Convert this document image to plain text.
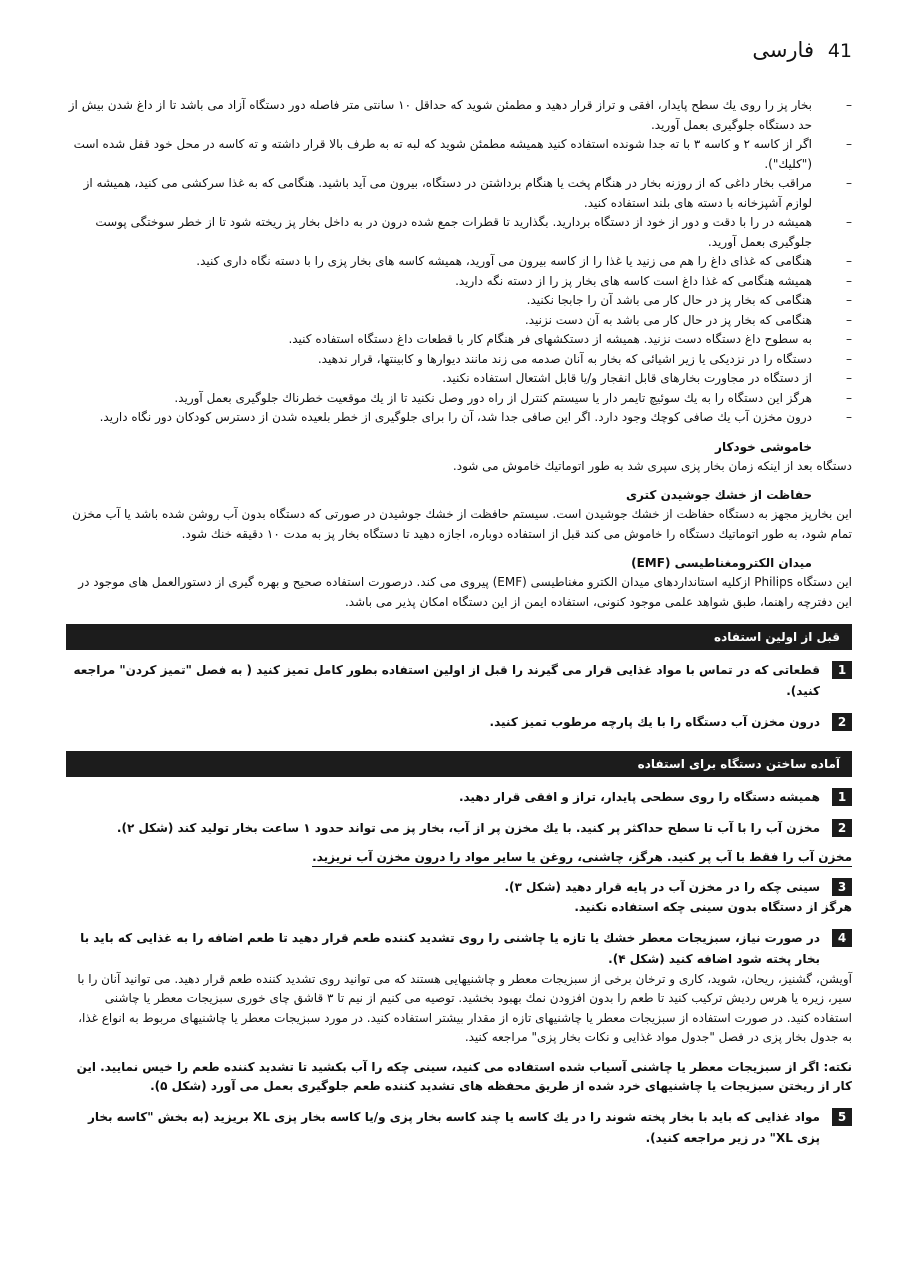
41
فارسی
–
بخار پز را روی یك سطح پایدار، افقی و تراز قرار دهید و مطمئن شوید که حداقل ۱۰ سانتی متر فاصله دور دستگاه آزاد می باشد تا از داغ شدن بیش از حد دستگاه جلوگیری بعمل آورید.
–
اگر از کاسه ۲ و کاسه ۳ با ته جدا شونده استفاده کنید همیشه مطمئن شوید که لبه ته به طرف بالا قرار داشته و ته کاسه در محل خود قفل شده است ("کلیك").
–
مراقب بخار داغی که از روزنه بخار در هنگام پخت یا هنگام برداشتن در دستگاه، بیرون می آید باشید. هنگامی که به غذا سرکشی می کنید، همیشه از لوازم آشپزخانه با دسته های بلند استفاده کنید.
–
همیشه در را با دقت و دور از خود از دستگاه بردارید. بگذارید تا قطرات جمع شده درون در به داخل بخار پز ریخته شود تا از خطر سوختگی پوست جلوگیری بعمل آورید.
–
هنگامی که غذای داغ را هم می زنید یا غذا را از کاسه بیرون می آورید، همیشه کاسه های بخار پزی را با دسته نگاه داری کنید.
–
همیشه هنگامی که غذا داغ است کاسه های بخار پز را از دسته نگه دارید.
–
هنگامی که بخار پز در حال کار می باشد آن را جابجا نکنید.
–
هنگامی که بخار پز در حال کار می باشد به آن دست نزنید.
–
به سطوح داغ دستگاه دست نزنید. همیشه از دستکشهای فر هنگام کار با قطعات داغ دستگاه استفاده کنید.
–
دستگاه را در نزدیکی یا زیر اشیائی که بخار به آنان صدمه می زند مانند دیوارها و کابینتها، قرار ندهید.
–
از دستگاه در مجاورت بخارهای قابل انفجار و/یا قابل اشتعال استفاده نکنید.
–
هرگز این دستگاه را به یك سوئیچ تایمر دار یا سیستم کنترل از راه دور وصل نکنید تا از یك موقعیت خطرناك جلوگیری بعمل آورید.
–
درون مخزن آب یك صافی کوچك وجود دارد. اگر این صافی جدا شد، آن را برای جلوگیری از خطر بلعیده شدن از دسترس کودکان دور نگاه دارید.
خاموشی خودکار
دستگاه بعد از اینکه زمان بخار پزی سپری شد به طور اتوماتیك خاموش می شود.
حفاظت از خشك جوشیدن کتری
این بخارپز مجهز به دستگاه حفاظت از خشك جوشیدن است. سیستم حافظت از خشك جوشیدن در صورتی که دستگاه بدون آب روشن شده باشد یا آب مخزن تمام شود، به طور اتوماتیك دستگاه را خاموش می کند قبل از استفاده دوباره، اجازه دهید تا دستگاه بخار پز به مدت ۱۰ دقیقه خنك شود.
میدان الکترومغناطیسی (EMF)
این دستگاه Philips ازکلیه استانداردهای میدان الکترو مغناطیسی (EMF) پیروی می کند. درصورت استفاده صحیح و بهره گیری از دستورالعمل های موجود در این دفترچه راهنما، طبق شواهد علمی موجود کنونی، استفاده ایمن از این دستگاه امکان پذیر می باشد.
قبل از اولین استفاده
1
قطعاتی که در تماس با مواد غذایی قرار می گیرند را قبل از اولین استفاده بطور کامل تمیز کنید ( به فصل "تمیز کردن" مراجعه کنید).
2
درون مخزن آب دستگاه را با یك پارچه مرطوب تمیز کنید.
آماده ساختن دستگاه برای استفاده
1
همیشه دستگاه را روی سطحی پایدار، تراز و افقی قرار دهید.
2
مخزن آب را با آب تا سطح حداکثر پر کنید. با یك مخزن پر از آب، بخار پز می تواند حدود ۱ ساعت بخار تولید کند (شکل ۲).
مخزن آب را فقط با آب پر کنید. هرگز، چاشنی، روغن یا سایر مواد را درون مخزن آب نریزید.
3
سینی چکه را در مخزن آب در پایه قرار دهید (شکل ۳).
هرگز از دستگاه بدون سینی چکه استفاده نکنید.
4
در صورت نیاز، سبزیجات معطر خشك یا تازه یا چاشنی را روی تشدید کننده طعم قرار دهید تا طعم اضافه را به غذایی که باید با بخار پخته شود اضافه کنید (شکل ۴).
آویشن، گشنیز، ریحان، شوید، کاری و ترخان برخی از سبزیجات معطر و چاشنیهایی هستند که می توانید روی تشدید کننده طعم قرار دهید. می توانید آنان را با سیر، زیره یا هرس ردیش ترکیب کنید تا طعم را بدون افزودن نمك بهبود بخشید. توصیه می کنیم از نیم تا ۳ قاشق چای خوری سبزیجات معطر یا چاشنی استفاده کنید. در صورت استفاده از سبزیجات معطر یا چاشنیهای تازه از مقدار بیشتر استفاده کنید. در مورد سبزیجات معطر یا چاشنیهای مربوط به انواع غذا، به جدول بخار پزی در فصل "جدول مواد غذایی و نکات بخار پزی" مراجعه کنید.
نکته: اگر از سبزیجات معطر یا چاشنی آسیاب شده استفاده می کنید، سینی چکه را آب بکشید تا تشدید کننده طعم را خیس نمایید. این کار از ریختن سبزیجات یا چاشنیهای خرد شده از طریق محفظه های تشدید کننده طعم جلوگیری بعمل می آورد (شکل ۵).
5
مواد غذایی که باید با بخار پخته شوند را در یك کاسه یا چند کاسه بخار پزی و/یا کاسه بخار پزی XL بریزید (به بخش "کاسه بخار پزی XL" در زیر مراجعه کنید).
